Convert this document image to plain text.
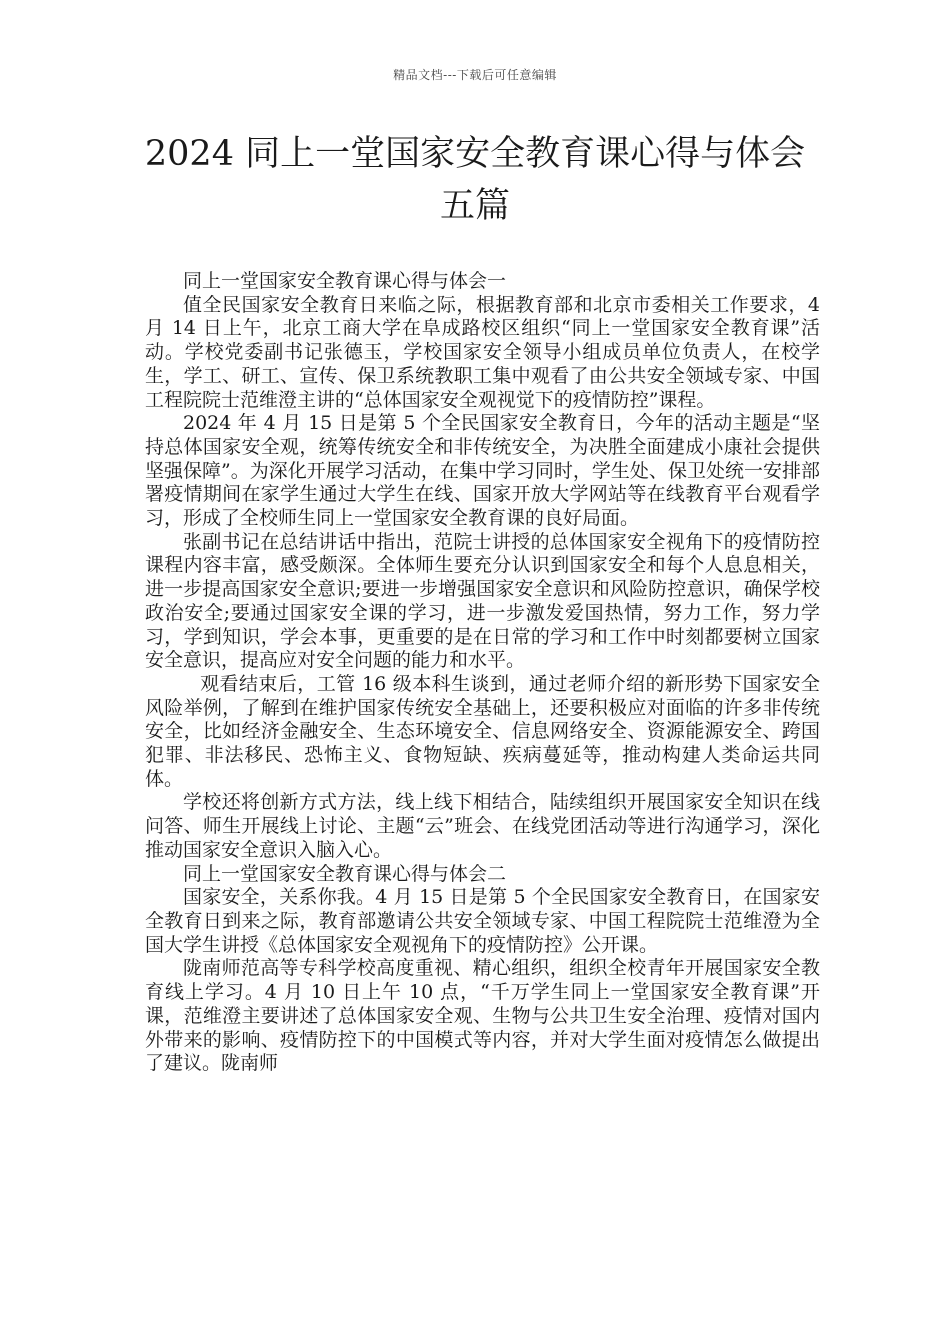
精品文档---下载后可任意编辑
2024 同上一堂国家安全教育课心得与体会
五篇

同上一堂国家安全教育课心得与体会一

值全民国家安全教育日来临之际，根据教育部和北京市委相关工作要求，4 月 14 日上午，北京工商大学在阜成路校区组织“同上一堂国家安全教育课”活动。学校党委副书记张德玉，学校国家安全领导小组成员单位负责人，在校学生，学工、研工、宣传、保卫系统教职工集中观看了由公共安全领域专家、中国工程院院士范维澄主讲的“总体国家安全观视觉下的疫情防控”课程。

2024 年 4 月 15 日是第 5 个全民国家安全教育日，今年的活动主题是“坚持总体国家安全观，统筹传统安全和非传统安全，为决胜全面建成小康社会提供坚强保障”。为深化开展学习活动，在集中学习同时，学生处、保卫处统一安排部署疫情期间在家学生通过大学生在线、国家开放大学网站等在线教育平台观看学习，形成了全校师生同上一堂国家安全教育课的良好局面。

张副书记在总结讲话中指出，范院士讲授的总体国家安全视角下的疫情防控课程内容丰富，感受颇深。全体师生要充分认识到国家安全和每个人息息相关，进一步提高国家安全意识;要进一步增强国家安全意识和风险防控意识，确保学校政治安全;要通过国家安全课的学习，进一步激发爱国热情，努力工作，努力学习，学到知识，学会本事，更重要的是在日常的学习和工作中时刻都要树立国家安全意识，提高应对安全问题的能力和水平。

观看结束后，工管 16 级本科生谈到，通过老师介绍的新形势下国家安全风险举例，了解到在维护国家传统安全基础上，还要积极应对面临的许多非传统安全，比如经济金融安全、生态环境安全、信息网络安全、资源能源安全、跨国犯罪、非法移民、恐怖主义、食物短缺、疾病蔓延等，推动构建人类命运共同体。

学校还将创新方式方法，线上线下相结合，陆续组织开展国家安全知识在线问答、师生开展线上讨论、主题“云”班会、在线党团活动等进行沟通学习，深化推动国家安全意识入脑入心。

同上一堂国家安全教育课心得与体会二

国家安全，关系你我。4 月 15 日是第 5 个全民国家安全教育日，在国家安全教育日到来之际，教育部邀请公共安全领域专家、中国工程院院士范维澄为全国大学生讲授《总体国家安全观视角下的疫情防控》公开课。

陇南师范高等专科学校高度重视、精心组织，组织全校青年开展国家安全教育线上学习。4 月 10 日上午 10 点，“千万学生同上一堂国家安全教育课”开课，范维澄主要讲述了总体国家安全观、生物与公共卫生安全治理、疫情对国内外带来的影响、疫情防控下的中国模式等内容，并对大学生面对疫情怎么做提出了建议。陇南师
